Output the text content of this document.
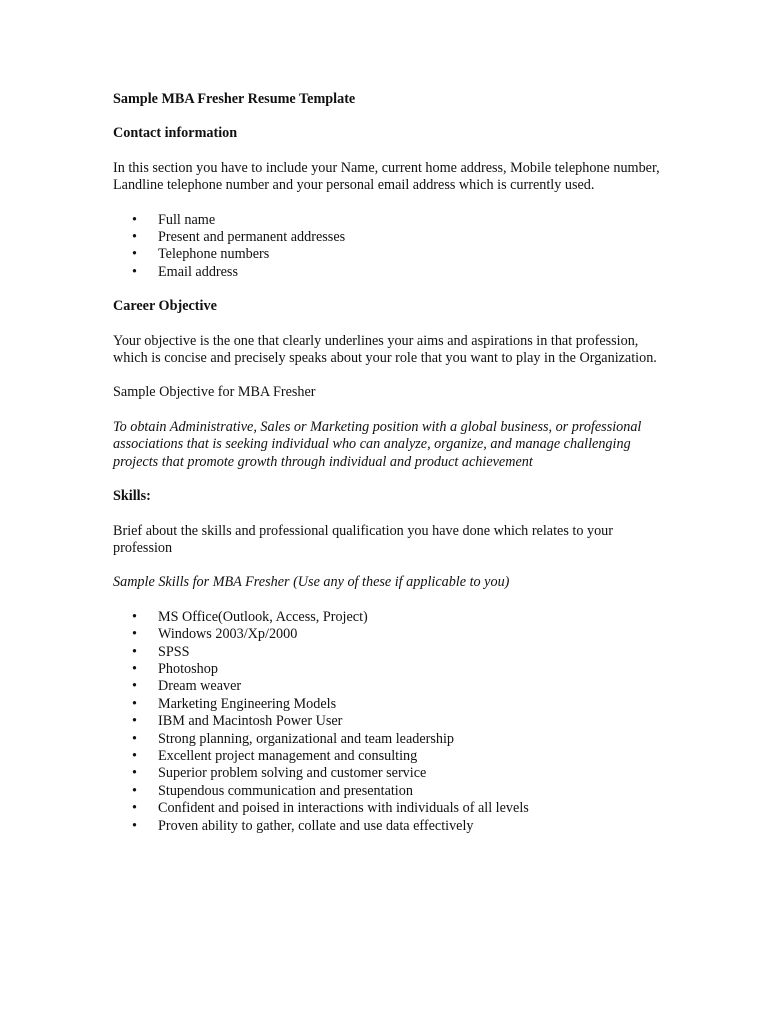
Sample MBA Fresher Resume Template
Contact information

In this section you have to include your Name, current home address, Mobile telephone number, Landline telephone number and your personal email address which is currently used.

• Full name
• Present and permanent addresses
• Telephone numbers
• Email address
Career Objective

Your objective is the one that clearly underlines your aims and aspirations in that profession, which is concise and precisely speaks about your role that you want to play in the Organization.

Sample Objective for MBA Fresher

To obtain Administrative, Sales or Marketing position with a global business, or professional associations that is seeking individual who can analyze, organize, and manage challenging projects that promote growth through individual and product achievement

Skills:

Brief about the skills and professional qualification you have done which relates to your profession

Sample Skills for MBA Fresher (Use any of these if applicable to you)

• MS Office(Outlook, Access, Project)
• Windows 2003/Xp/2000
• SPSS
• Photoshop
• Dream weaver
• Marketing Engineering Models
• IBM and Macintosh Power User
• Strong planning, organizational and team leadership
• Excellent project management and consulting
• Superior problem solving and customer service
• Stupendous communication and presentation
• Confident and poised in interactions with individuals of all levels
• Proven ability to gather, collate and use data effectively
